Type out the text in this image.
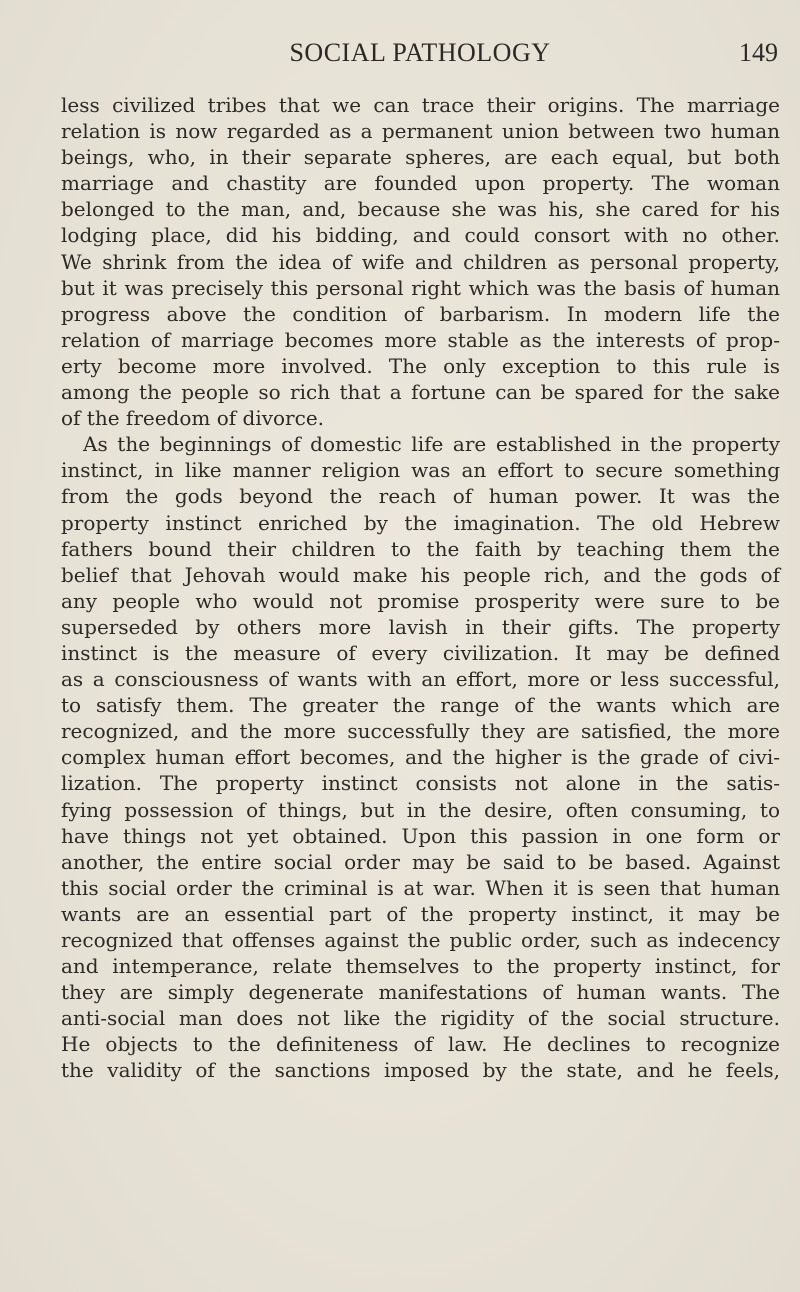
SOCIAL PATHOLOGY	149
less civilized tribes that we can trace their origins. The marriage
relation is now regarded as a permanent union between two human
beings, who, in their separate spheres, are each equal, but both
marriage and chastity are founded upon property. The woman
belonged to the man, and, because she was his, she cared for his
lodging place, did his bidding, and could consort with no other.
We shrink from the idea of wife and children as personal property,
but it was precisely this personal right which was the basis of human
progress above the condition of barbarism. In modern life the
relation of marriage becomes more stable as the interests of prop-
erty become more involved. The only exception to this rule is
among the people so rich that a fortune can be spared for the sake
of the freedom of divorce.
As the beginnings of domestic life are established in the property
instinct, in like manner religion was an effort to secure something
from the gods beyond the reach of human power. It was the
property instinct enriched by the imagination. The old Hebrew
fathers bound their children to the faith by teaching them the
belief that Jehovah would make his people rich, and the gods of
any people who would not promise prosperity were sure to be
superseded by others more lavish in their gifts. The property
instinct is the measure of every civilization. It may be defined
as a consciousness of wants with an effort, more or less successful,
to satisfy them. The greater the range of the wants which are
recognized, and the more successfully they are satisfied, the more
complex human effort becomes, and the higher is the grade of civi-
lization. The property instinct consists not alone in the satis-
fying possession of things, but in the desire, often consuming, to
have things not yet obtained. Upon this passion in one form or
another, the entire social order may be said to be based. Against
this social order the criminal is at war. When it is seen that human
wants are an essential part of the property instinct, it may be
recognized that offenses against the public order, such as indecency
and intemperance, relate themselves to the property instinct, for
they are simply degenerate manifestations of human wants. The
anti-social man does not like the rigidity of the social structure.
He objects to the definiteness of law. He declines to recognize
the validity of the sanctions imposed by the state, and he feels,
